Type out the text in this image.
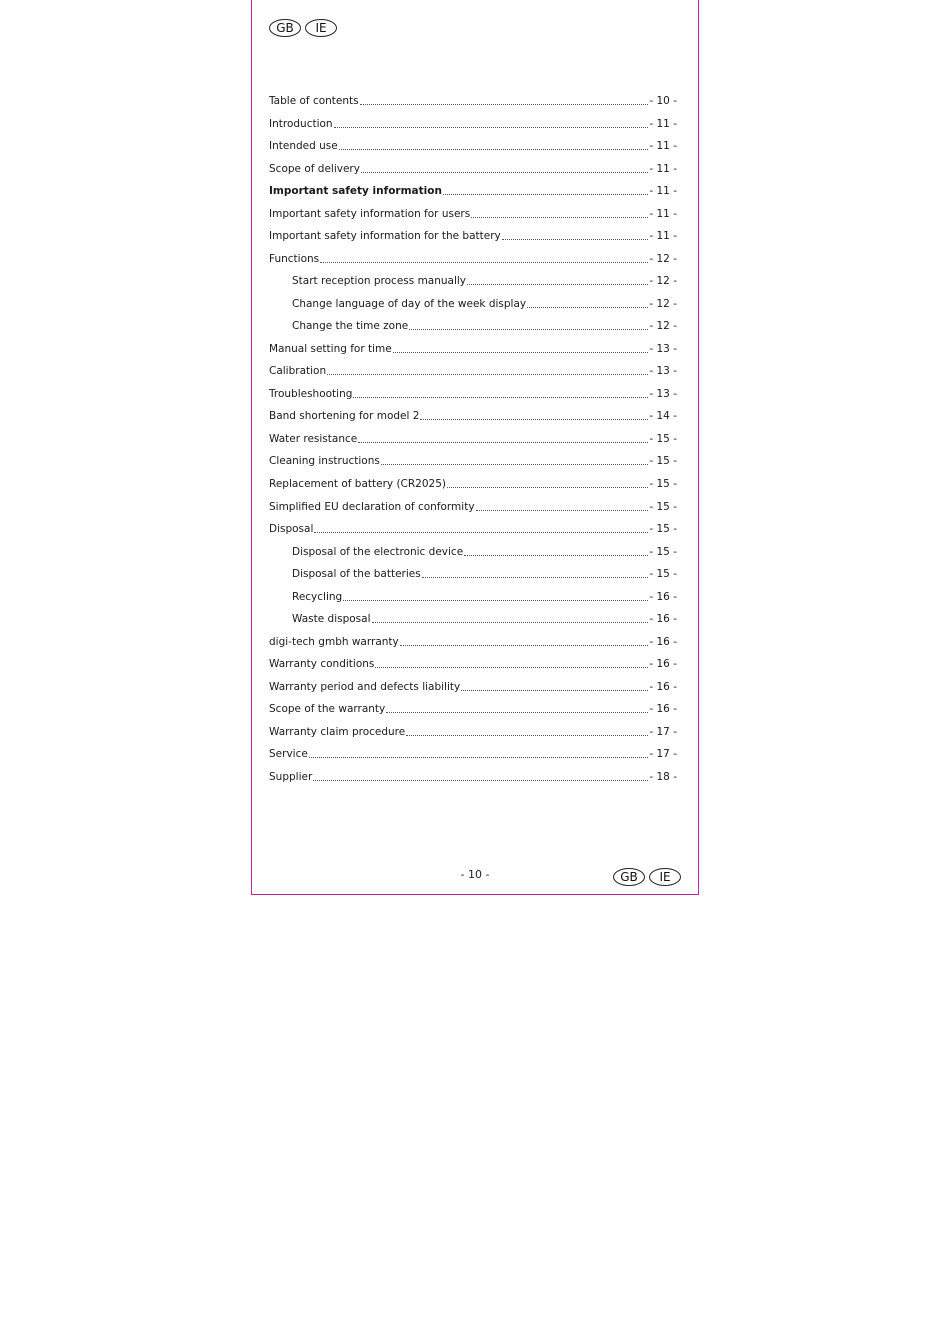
GB	IE
Table of contents	- 10 -
Introduction	- 11 -
Intended use	- 11 -
Scope of delivery	- 11 -
Important safety information	- 11 -
Important safety information for users	- 11 -
Important safety information for the battery	- 11 -
Functions	- 12 -
Start reception process manually	- 12 -
Change language of day of the week display	- 12 -
Change the time zone	- 12 -
Manual setting for time	- 13 -
Calibration	- 13 -
Troubleshooting	- 13 -
Band shortening for model 2	- 14 -
Water resistance	- 15 -
Cleaning instructions	- 15 -
Replacement of battery (CR2025)	- 15 -
Simplified EU declaration of conformity	- 15 -
Disposal	- 15 -
Disposal of the electronic device	- 15 -
Disposal of the batteries	- 15 -
Recycling	- 16 -
Waste disposal	- 16 -
digi-tech gmbh warranty	- 16 -
Warranty conditions	- 16 -
Warranty period and defects liability	- 16 -
Scope of the warranty	- 16 -
Warranty claim procedure	- 17 -
Service	- 17 -
Supplier	- 18 -
- 10 -	GB	IE
